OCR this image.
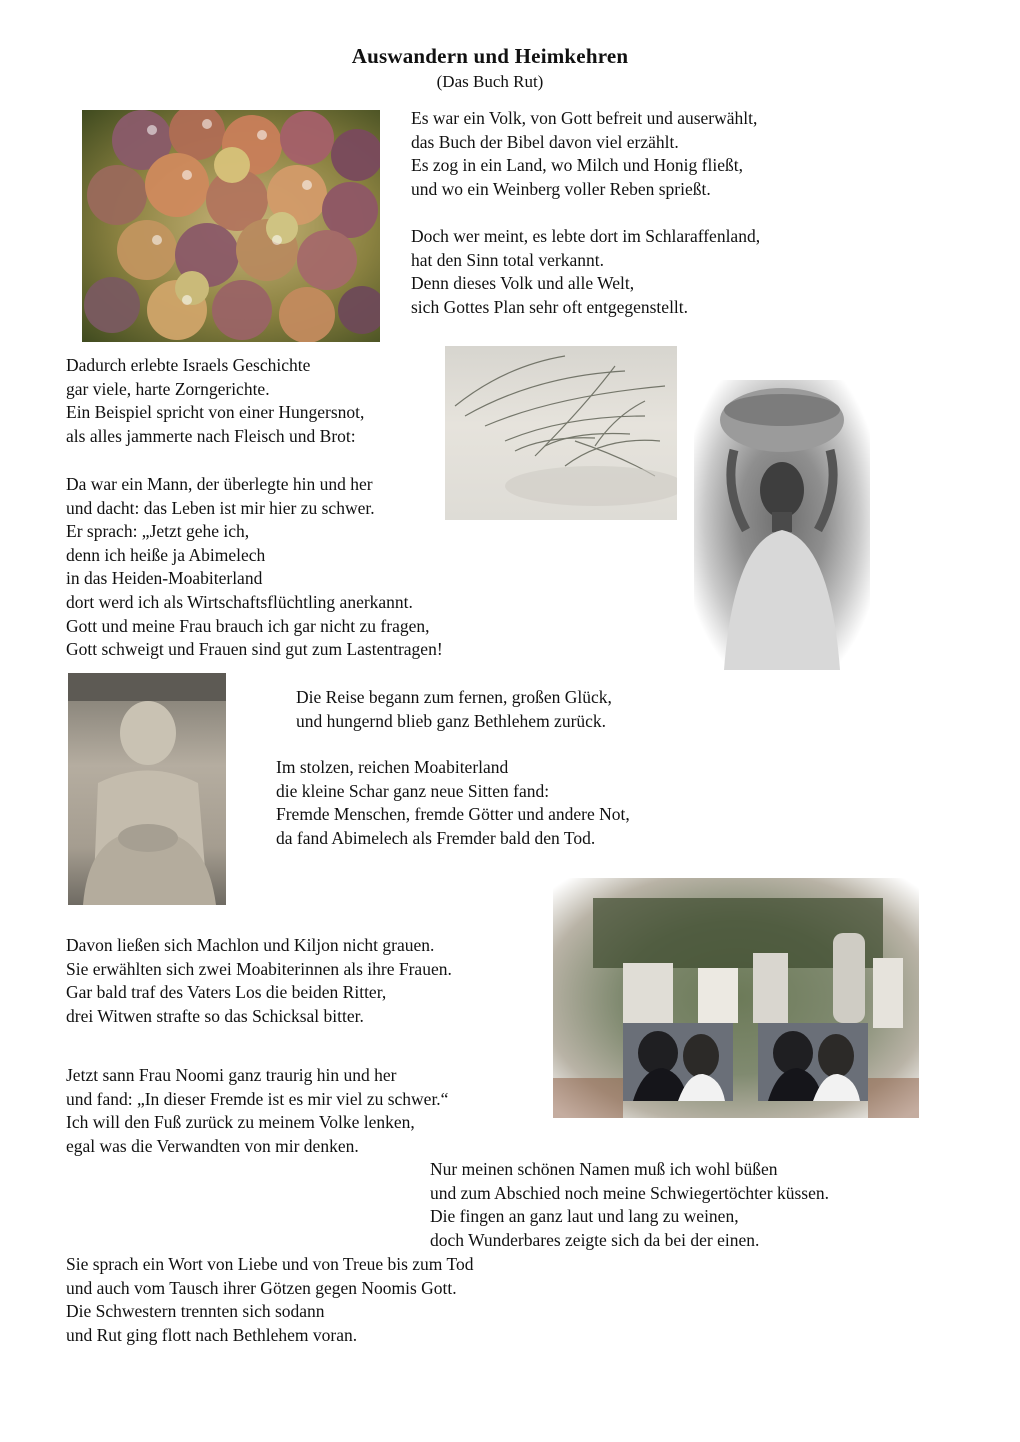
Auswandern und Heimkehren
(Das Buch Rut)
Es war ein Volk, von Gott befreit und auserwählt,
das Buch der Bibel davon viel erzählt.
Es zog in ein Land, wo Milch und Honig fließt,
und wo ein Weinberg voller Reben sprießt.
Doch wer meint, es lebte dort im Schlaraffenland,
hat den Sinn total verkannt.
Denn dieses Volk und alle Welt,
sich Gottes Plan sehr oft entgegenstellt.
Dadurch erlebte Israels Geschichte
gar viele, harte Zorngerichte.
Ein Beispiel spricht von einer Hungersnot,
als alles jammerte nach Fleisch und Brot:
Da war ein Mann, der überlegte hin und her
und dacht: das Leben ist mir hier zu schwer.
Er sprach: „Jetzt gehe ich,
denn ich heiße ja Abimelech
in das Heiden-Moabiterland
dort werd ich als Wirtschaftsflüchtling anerkannt.
Gott und meine Frau brauch ich gar nicht zu fragen,
Gott schweigt und Frauen sind gut zum Lastentragen!
Die Reise begann zum fernen, großen Glück,
und hungernd blieb ganz Bethlehem zurück.
Im stolzen, reichen Moabiterland
die kleine Schar ganz neue Sitten fand:
Fremde Menschen, fremde Götter und andere Not,
da fand Abimelech als Fremder bald den Tod.
Davon ließen sich Machlon und Kiljon nicht grauen.
Sie erwählten sich zwei Moabiterinnen als ihre Frauen.
Gar bald traf des Vaters Los die beiden Ritter,
drei Witwen strafte so das Schicksal bitter.
Jetzt sann Frau Noomi ganz traurig hin und her
und fand: „In dieser Fremde ist es mir viel zu schwer.“
Ich will den Fuß zurück zu meinem Volke lenken,
egal was die Verwandten von mir denken.
Nur meinen schönen Namen muß ich wohl büßen
und zum Abschied noch meine Schwiegertöchter küssen.
Die fingen an ganz laut und lang zu weinen,
doch Wunderbares zeigte sich da bei der einen.
Sie sprach ein Wort von Liebe und von Treue bis zum Tod
und auch vom Tausch ihrer Götzen gegen Noomis Gott.
Die Schwestern trennten sich sodann
und Rut ging flott nach Bethlehem voran.
